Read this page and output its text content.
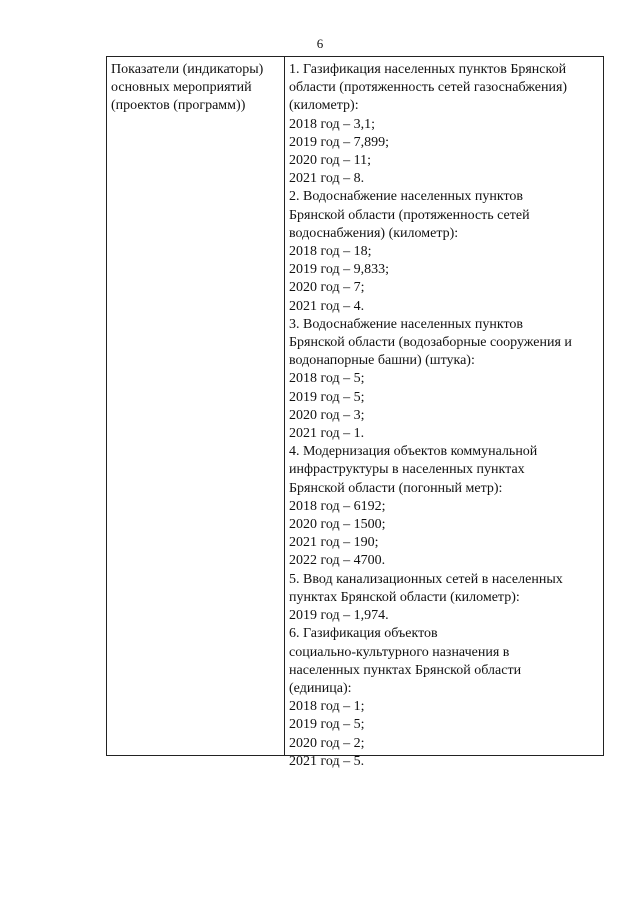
6
Показатели (индикаторы)
основных мероприятий
(проектов (программ))
1. Газификация населенных пунктов Брянской
области (протяженность сетей газоснабжения)
(километр):
2018 год – 3,1;
2019 год – 7,899;
2020 год – 11;
2021 год – 8.
2. Водоснабжение населенных пунктов
Брянской области (протяженность сетей
водоснабжения) (километр):
2018 год – 18;
2019 год – 9,833;
2020 год – 7;
2021 год – 4.
3. Водоснабжение населенных пунктов
Брянской области (водозаборные сооружения и
водонапорные башни) (штука):
2018 год – 5;
2019 год – 5;
2020 год – 3;
2021 год – 1.
4. Модернизация объектов коммунальной
инфраструктуры в населенных пунктах
Брянской области (погонный метр):
2018 год – 6192;
2020 год – 1500;
2021 год – 190;
2022 год – 4700.
5. Ввод канализационных сетей в населенных
пунктах Брянской области (километр):
2019 год – 1,974.
6. Газификация объектов
социально-культурного назначения в
населенных пунктах Брянской области
(единица):
2018 год – 1;
2019 год – 5;
2020 год – 2;
2021 год – 5.
